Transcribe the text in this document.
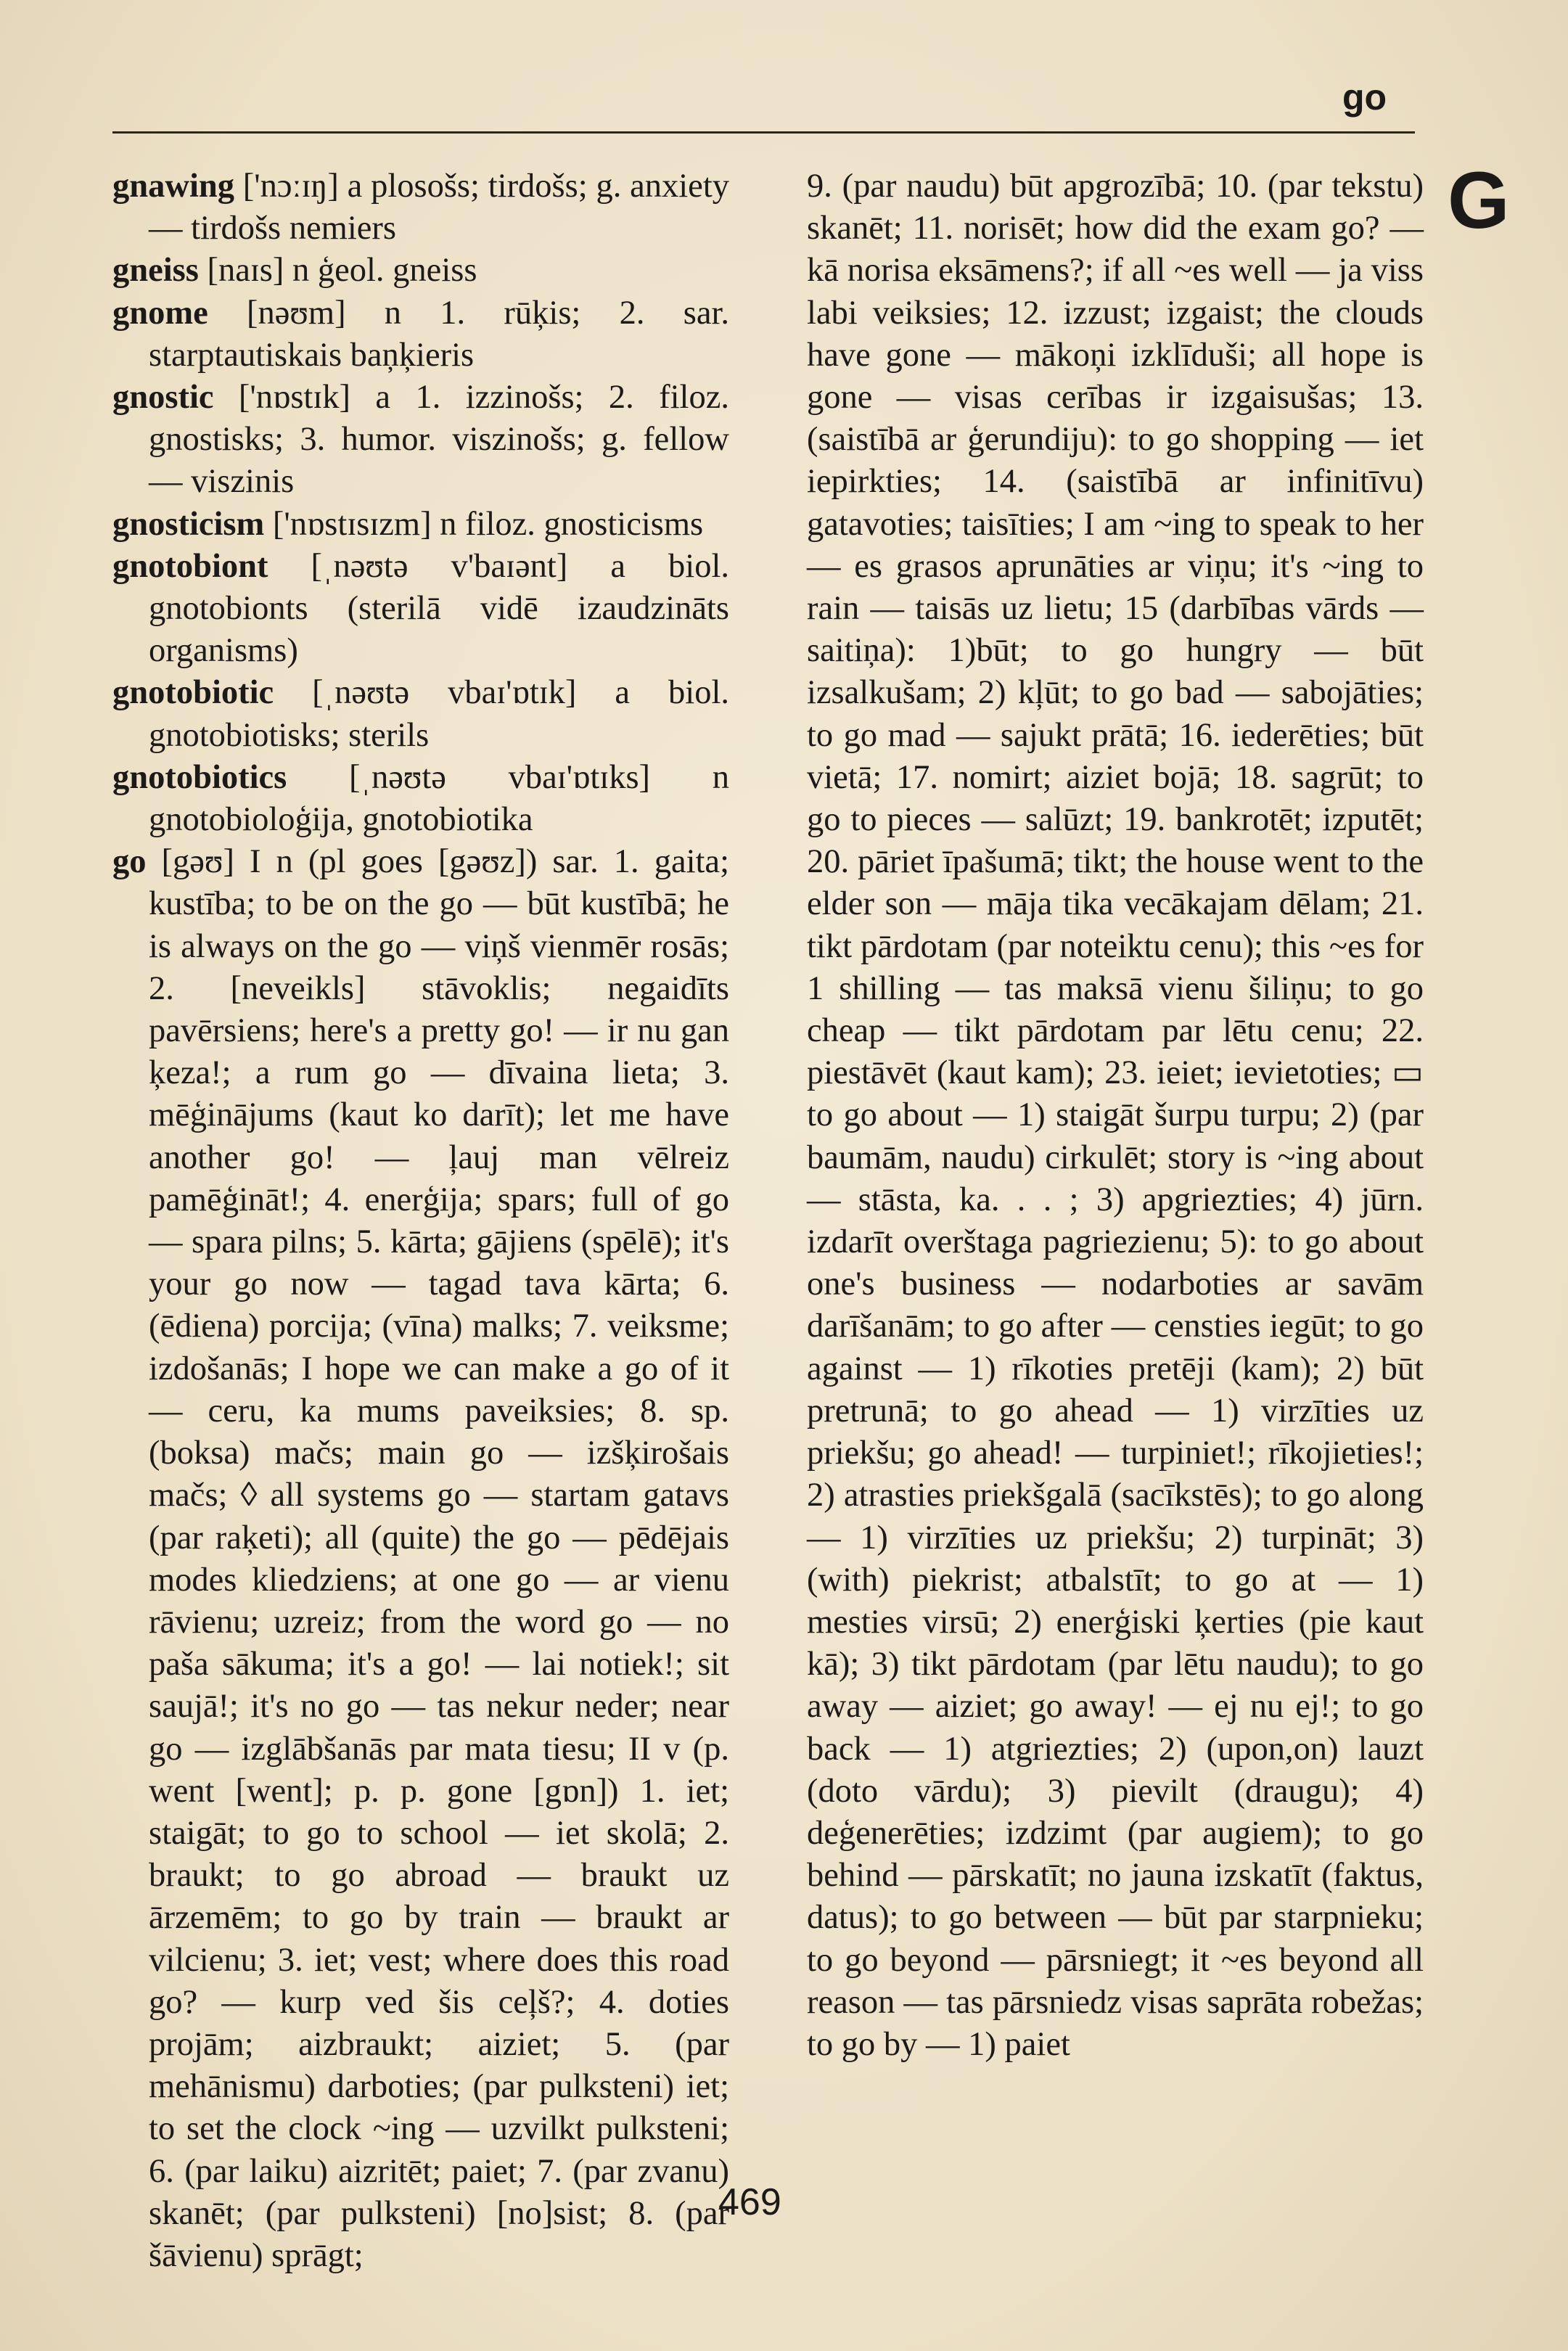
go
G

gnawing ['nɔːɪŋ] a plosošs; tirdošs; g. anxiety — tirdošs nemiers

gneiss [naɪs] n ģeol. gneiss

gnome [nəʊm] n 1. rūķis; 2. sar. starptautiskais baņķieris

gnostic ['nɒstɪk] a 1. izzinošs; 2. filoz. gnostisks; 3. humor. viszinošs; g. fellow — viszinis

gnosticism ['nɒstɪsɪzm] n filoz. gnosticisms

gnotobiont [ˌnəʊtə v'baɪənt] a biol. gnotobionts (sterilā vidē izaudzināts organisms)

gnotobiotic [ˌnəʊtə vbaɪ'ɒtɪk] a biol. gnotobiotisks; sterils

gnotobiotics [ˌnəʊtə vbaɪ'ɒtɪks] n gnotobioloģija, gnotobiotika

go [gəʊ] I n (pl goes [gəʊz]) sar. 1. gaita; kustība; to be on the go — būt kustībā; he is always on the go — viņš vienmēr rosās; 2. [neveikls] stāvoklis; negaidīts pavērsiens; here's a pretty go! — ir nu gan ķeza!; a rum go — dīvaina lieta; 3. mēģinājums (kaut ko darīt); let me have another go! — ļauj man vēlreiz pamēģināt!; 4. enerģija; spars; full of go — spara pilns; 5. kārta; gājiens (spēlē); it's your go now — tagad tava kārta; 6. (ēdiena) porcija; (vīna) malks; 7. veiksme; izdošanās; I hope we can make a go of it — ceru, ka mums paveiksies; 8. sp. (boksa) mačs; main go — izšķirošais mačs; ◊ all systems go — startam gatavs (par raķeti); all (quite) the go — pēdējais modes kliedziens; at one go — ar vienu rāvienu; uzreiz; from the word go — no paša sākuma; it's a go! — lai notiek!; sit saujā!; it's no go — tas nekur neder; near go — izglābšanās par mata tiesu; II v (p. went [went]; p. p. gone [gɒn]) 1. iet; staigāt; to go to school — iet skolā; 2. braukt; to go abroad — braukt uz ārzemēm; to go by train — braukt ar vilcienu; 3. iet; vest; where does this road go? — kurp ved šis ceļš?; 4. doties projām; aizbraukt; aiziet; 5. (par mehānismu) darboties; (par pulksteni) iet; to set the clock ~ing — uzvilkt pulksteni; 6. (par laiku) aizritēt; paiet; 7. (par zvanu) skanēt; (par pulksteni) [no]sist; 8. (par šāvienu) sprāgt;

9. (par naudu) būt apgrozībā; 10. (par tekstu) skanēt; 11. norisēt; how did the exam go? — kā norisa eksāmens?; if all ~es well — ja viss labi veiksies; 12. izzust; izgaist; the clouds have gone — mākoņi izklīduši; all hope is gone — visas cerības ir izgaisušas; 13. (saistībā ar ģerundiju): to go shopping — iet iepirkties; 14. (saistībā ar infinitīvu) gatavoties; taisīties; I am ~ing to speak to her — es grasos aprunāties ar viņu; it's ~ing to rain — taisās uz lietu; 15 (darbības vārds — saitiņa): 1)būt; to go hungry — būt izsalkušam; 2) kļūt; to go bad — sabojāties; to go mad — sajukt prātā; 16. iederēties; būt vietā; 17. nomirt; aiziet bojā; 18. sagrūt; to go to pieces — salūzt; 19. bankrotēt; izputēt; 20. pāriet īpašumā; tikt; the house went to the elder son — māja tika vecākajam dēlam; 21. tikt pārdotam (par noteiktu cenu); this ~es for 1 shilling — tas maksā vienu šiliņu; to go cheap — tikt pārdotam par lētu cenu; 22. piestāvēt (kaut kam); 23. ieiet; ievietoties; ▭ to go about — 1) staigāt šurpu turpu; 2) (par baumām, naudu) cirkulēt; story is ~ing about — stāsta, ka. . . ; 3) apgriezties; 4) jūrn. izdarīt overštaga pagriezienu; 5): to go about one's business — nodarboties ar savām darīšanām; to go after — censties iegūt; to go against — 1) rīkoties pretēji (kam); 2) būt pretrunā; to go ahead — 1) virzīties uz priekšu; go ahead! — turpiniet!; rīkojieties!; 2) atrasties priekšgalā (sacīkstēs); to go along — 1) virzīties uz priekšu; 2) turpināt; 3) (with) piekrist; atbalstīt; to go at — 1) mesties virsū; 2) enerģiski ķerties (pie kaut kā); 3) tikt pārdotam (par lētu naudu); to go away — aiziet; go away! — ej nu ej!; to go back — 1) atgriezties; 2) (upon,on) lauzt (doto vārdu); 3) pievilt (draugu); 4) deģenerēties; izdzimt (par augiem); to go behind — pārskatīt; no jauna izskatīt (faktus, datus); to go between — būt par starpnieku; to go beyond — pārsniegt; it ~es beyond all reason — tas pārsniedz visas saprāta robežas; to go by — 1) paiet

469
